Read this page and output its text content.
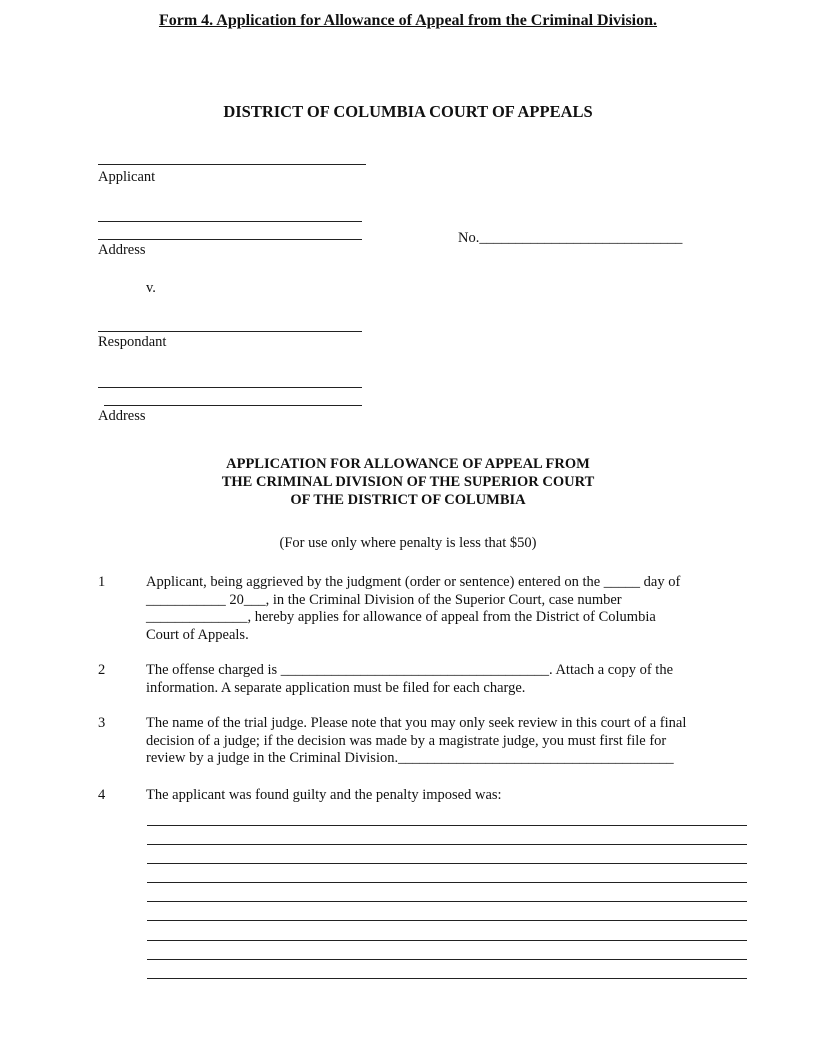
Form 4. Application for Allowance of Appeal from the Criminal Division.
DISTRICT OF COLUMBIA COURT OF APPEALS
Applicant
Address
No.____________________________
v.
Respondant
Address
APPLICATION FOR ALLOWANCE OF APPEAL FROM
THE CRIMINAL DIVISION OF THE SUPERIOR COURT
OF THE DISTRICT OF COLUMBIA
(For use only where penalty is less that $50)
1	Applicant, being aggrieved by the judgment (order or sentence) entered on the _____ day of
___________ 20___, in the Criminal Division of the Superior Court, case number
______________, hereby applies for allowance of appeal from the District of Columbia
Court of Appeals.
2	The offense charged is _____________________________________. Attach a copy of the
information. A separate application must be filed for each charge.
3	The name of the trial judge. Please note that you may only seek review in this court of a final
decision of a judge; if the decision was made by a magistrate judge, you must first file for
review by a judge in the Criminal Division.______________________________________
4	The applicant was found guilty and the penalty imposed was:
